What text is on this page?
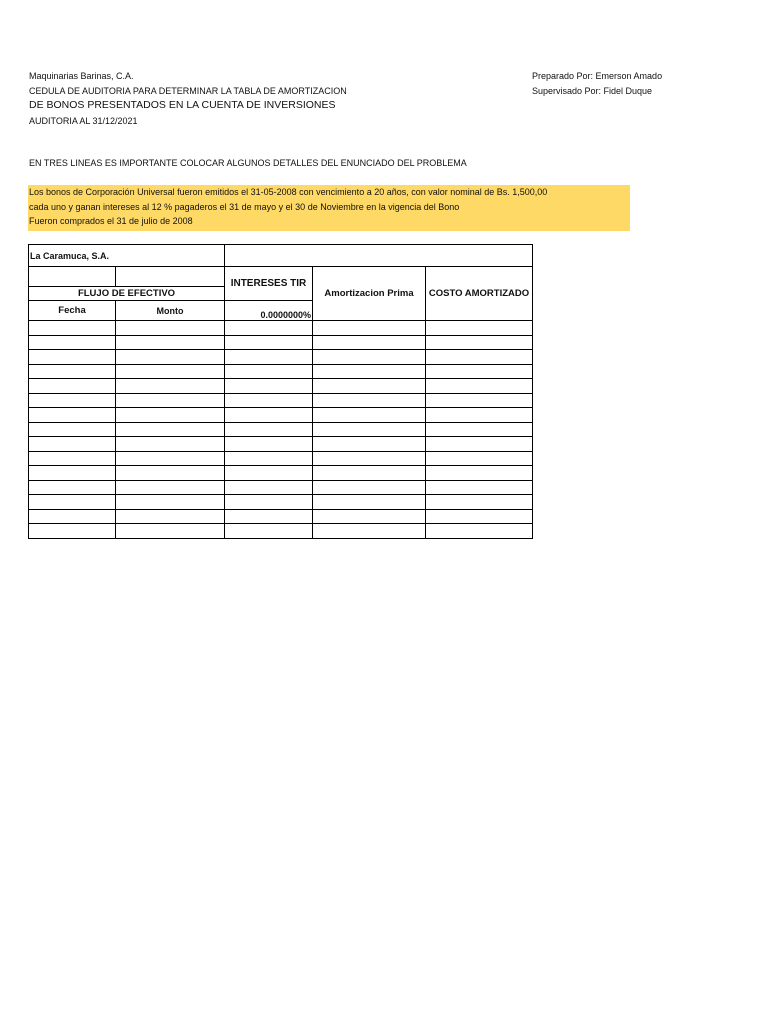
Maquinarias Barinas, C.A.
CEDULA DE AUDITORIA PARA DETERMINAR LA TABLA DE AMORTIZACION
DE BONOS PRESENTADOS EN LA CUENTA DE INVERSIONES
AUDITORIA AL 31/12/2021
Preparado Por: Emerson Amado
Supervisado Por: Fidel Duque
EN TRES LINEAS ES IMPORTANTE COLOCAR ALGUNOS DETALLES DEL ENUNCIADO DEL PROBLEMA
Los bonos de Corporación Universal fueron emitidos el 31-05-2008 con vencimiento a 20 años, con valor nominal de Bs. 1,500,00
cada uno y ganan intereses al 12 % pagaderos el 31 de mayo y el 30 de Noviembre en la vigencia del Bono
Fueron comprados el 31 de julio de 2008
La Caramuca, S.A.				
		INTERESES TIR	Amortizacion Prima	COSTO AMORTIZADO
FLUJO DE EFECTIVO				
Fecha	Monto	0.0000000%		
